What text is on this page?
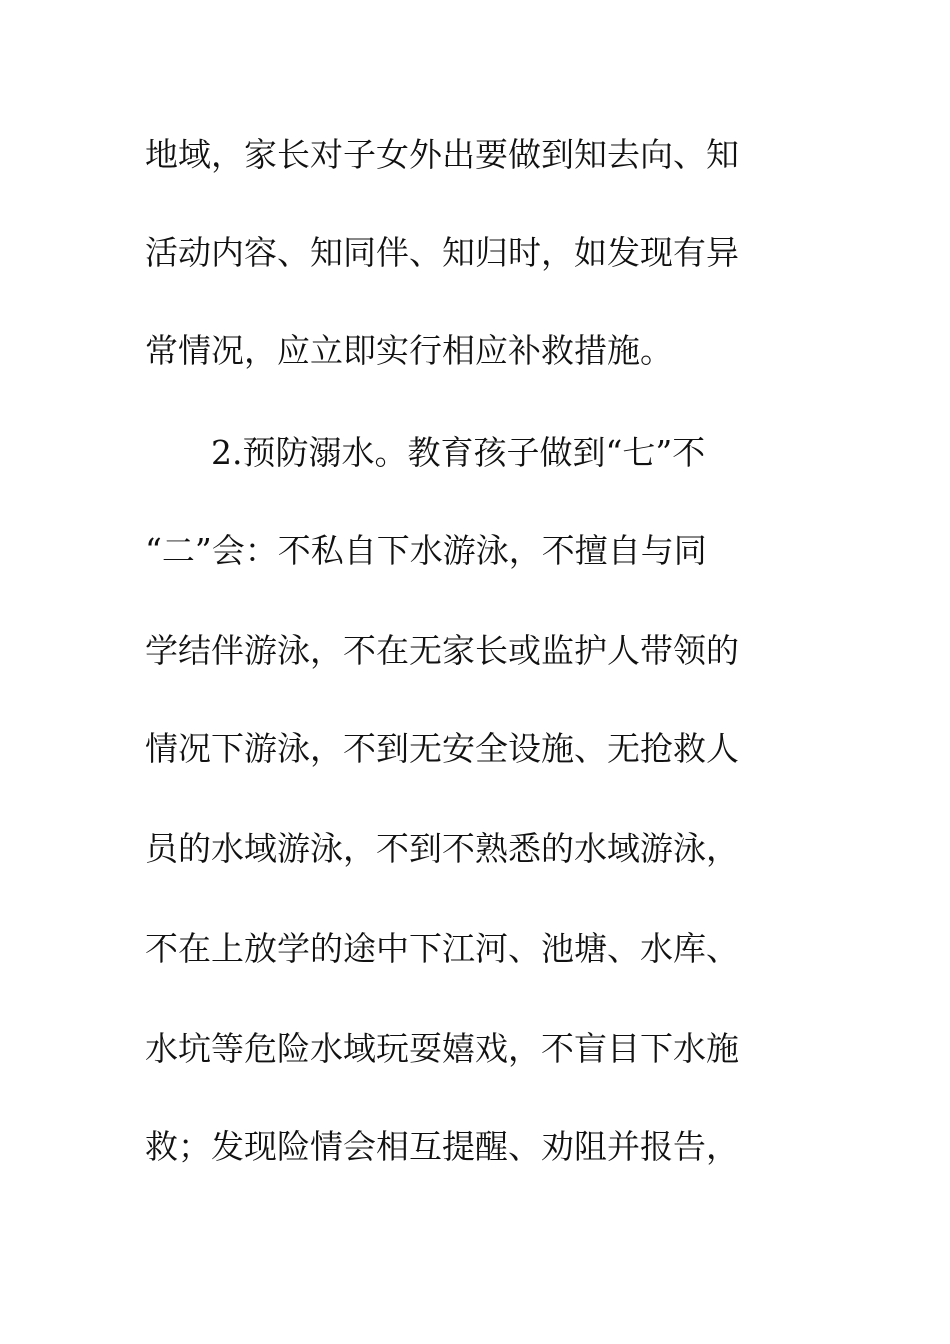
地域，家长对子女外出要做到知去向、知
活动内容、知同伴、知归时，如发现有异
常情况，应立即实行相应补救措施。
2.预防溺水。教育孩子做到“七”不
“二”会：不私自下水游泳，不擅自与同
学结伴游泳，不在无家长或监护人带领的
情况下游泳，不到无安全设施、无抢救人
员的水域游泳，不到不熟悉的水域游泳，
不在上放学的途中下江河、池塘、水库、
水坑等危险水域玩耍嬉戏，不盲目下水施
救；发现险情会相互提醒、劝阻并报告，
